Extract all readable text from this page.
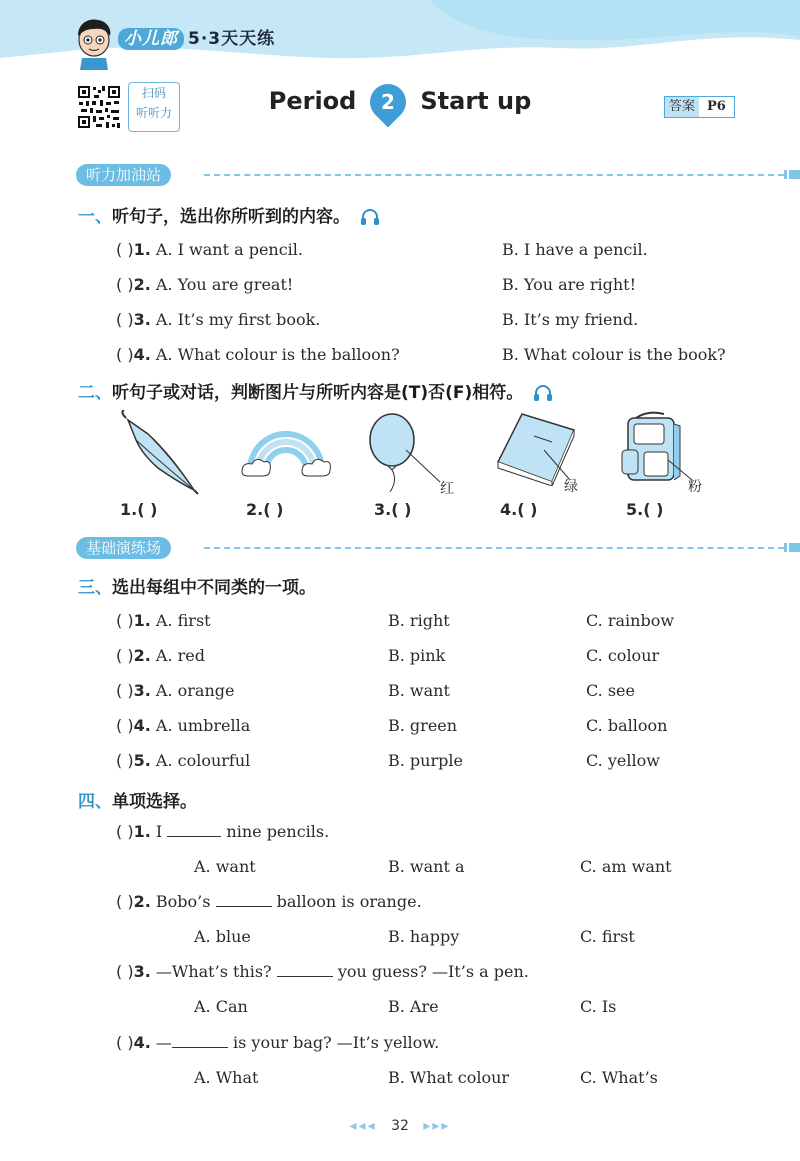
小儿郎 5·3天天练
扫码
听听力	Period 2 Start up	答案 P6
听力加油站
一、听句子，选出你所听到的内容。
( )1. A. I want a pencil.	B. I have a pencil.
( )2. A. You are great!	B. You are right!
( )3. A. It’s my first book.	B. It’s my friend.
( )4. A. What colour is the balloon?	B. What colour is the book?
二、听句子或对话，判断图片与所听内容是(T)否(F)相符。
红	绿	粉
1.( )	2.( )	3.( )	4.( )	5.( )
基础演练场
三、选出每组中不同类的一项。
( )1. A. first	B. right	C. rainbow
( )2. A. red	B. pink	C. colour
( )3. A. orange	B. want	C. see
( )4. A. umbrella	B. green	C. balloon
( )5. A. colourful	B. purple	C. yellow
四、单项选择。
( )1. I	nine pencils.
A. want	B. want a	C. am want
( )2. Bobo’s	balloon is orange.
A. blue	B. happy	C. first
( )3. —What’s this?	you guess? —It’s a pen.
A. Can	B. Are	C. Is
( )4. —	is your bag? —It’s yellow.
A. What	B. What colour	C. What’s
◂◂◂ 32 ▸▸▸
